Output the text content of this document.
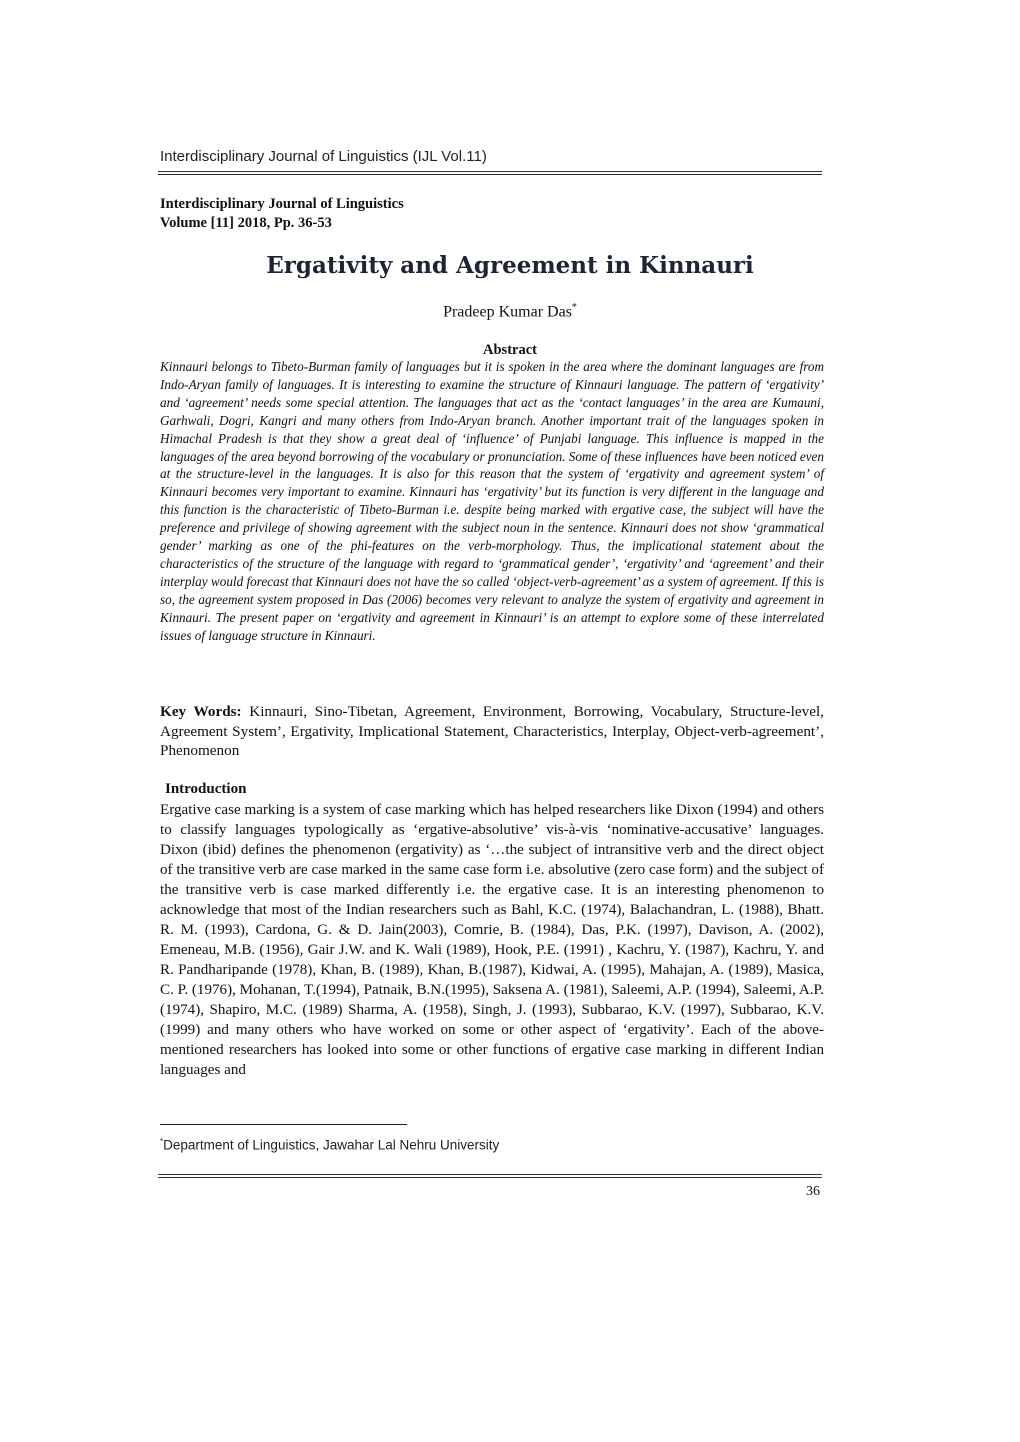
Interdisciplinary Journal of Linguistics (IJL Vol.11)
Interdisciplinary Journal of Linguistics
Volume [11] 2018, Pp. 36-53
Ergativity and Agreement in Kinnauri
Pradeep Kumar Das*
Abstract
Kinnauri belongs to Tibeto-Burman family of languages but it is spoken in the area where the dominant languages are from Indo-Aryan family of languages. It is interesting to examine the structure of Kinnauri language. The pattern of ‘ergativity’ and ‘agreement’ needs some special attention. The languages that act as the ‘contact languages’ in the area are Kumauni, Garhwali, Dogri, Kangri and many others from Indo-Aryan branch. Another important trait of the languages spoken in Himachal Pradesh is that they show a great deal of ‘influence’ of Punjabi language. This influence is mapped in the languages of the area beyond borrowing of the vocabulary or pronunciation. Some of these influences have been noticed even at the structure-level in the languages. It is also for this reason that the system of ‘ergativity and agreement system’ of Kinnauri becomes very important to examine. Kinnauri has ‘ergativity’ but its function is very different in the language and this function is the characteristic of Tibeto-Burman i.e. despite being marked with ergative case, the subject will have the preference and privilege of showing agreement with the subject noun in the sentence. Kinnauri does not show ‘grammatical gender’ marking as one of the phi-features on the verb-morphology. Thus, the implicational statement about the characteristics of the structure of the language with regard to ‘grammatical gender’, ‘ergativity’ and ‘agreement’ and their interplay would forecast that Kinnauri does not have the so called ‘object-verb-agreement’ as a system of agreement. If this is so, the agreement system proposed in Das (2006) becomes very relevant to analyze the system of ergativity and agreement in Kinnauri. The present paper on ‘ergativity and agreement in Kinnauri’ is an attempt to explore some of these interrelated issues of language structure in Kinnauri.
Key Words: Kinnauri, Sino-Tibetan, Agreement, Environment, Borrowing, Vocabulary, Structure-level, Agreement System’, Ergativity, Implicational Statement, Characteristics, Interplay, Object-verb-agreement’, Phenomenon
Introduction
Ergative case marking is a system of case marking which has helped researchers like Dixon (1994) and others to classify languages typologically as ‘ergative-absolutive’ vis-à-vis ‘nominative-accusative’ languages. Dixon (ibid) defines the phenomenon (ergativity) as ‘…the subject of intransitive verb and the direct object of the transitive verb are case marked in the same case form i.e. absolutive (zero case form) and the subject of the transitive verb is case marked differently i.e. the ergative case. It is an interesting phenomenon to acknowledge that most of the Indian researchers such as Bahl, K.C. (1974), Balachandran, L. (1988), Bhatt. R. M. (1993), Cardona, G. & D. Jain(2003), Comrie, B. (1984), Das, P.K. (1997), Davison, A. (2002), Emeneau, M.B. (1956), Gair J.W. and K. Wali (1989), Hook, P.E. (1991) , Kachru, Y. (1987), Kachru, Y. and R. Pandharipande (1978), Khan, B. (1989), Khan, B.(1987), Kidwai, A. (1995), Mahajan, A. (1989), Masica, C. P. (1976), Mohanan, T.(1994), Patnaik, B.N.(1995), Saksena A. (1981), Saleemi, A.P. (1994), Saleemi, A.P.(1974), Shapiro, M.C. (1989) Sharma, A. (1958), Singh, J. (1993), Subbarao, K.V. (1997), Subbarao, K.V. (1999) and many others who have worked on some or other aspect of ‘ergativity’. Each of the above-mentioned researchers has looked into some or other functions of ergative case marking in different Indian languages and
*Department of Linguistics, Jawahar Lal Nehru University
36
